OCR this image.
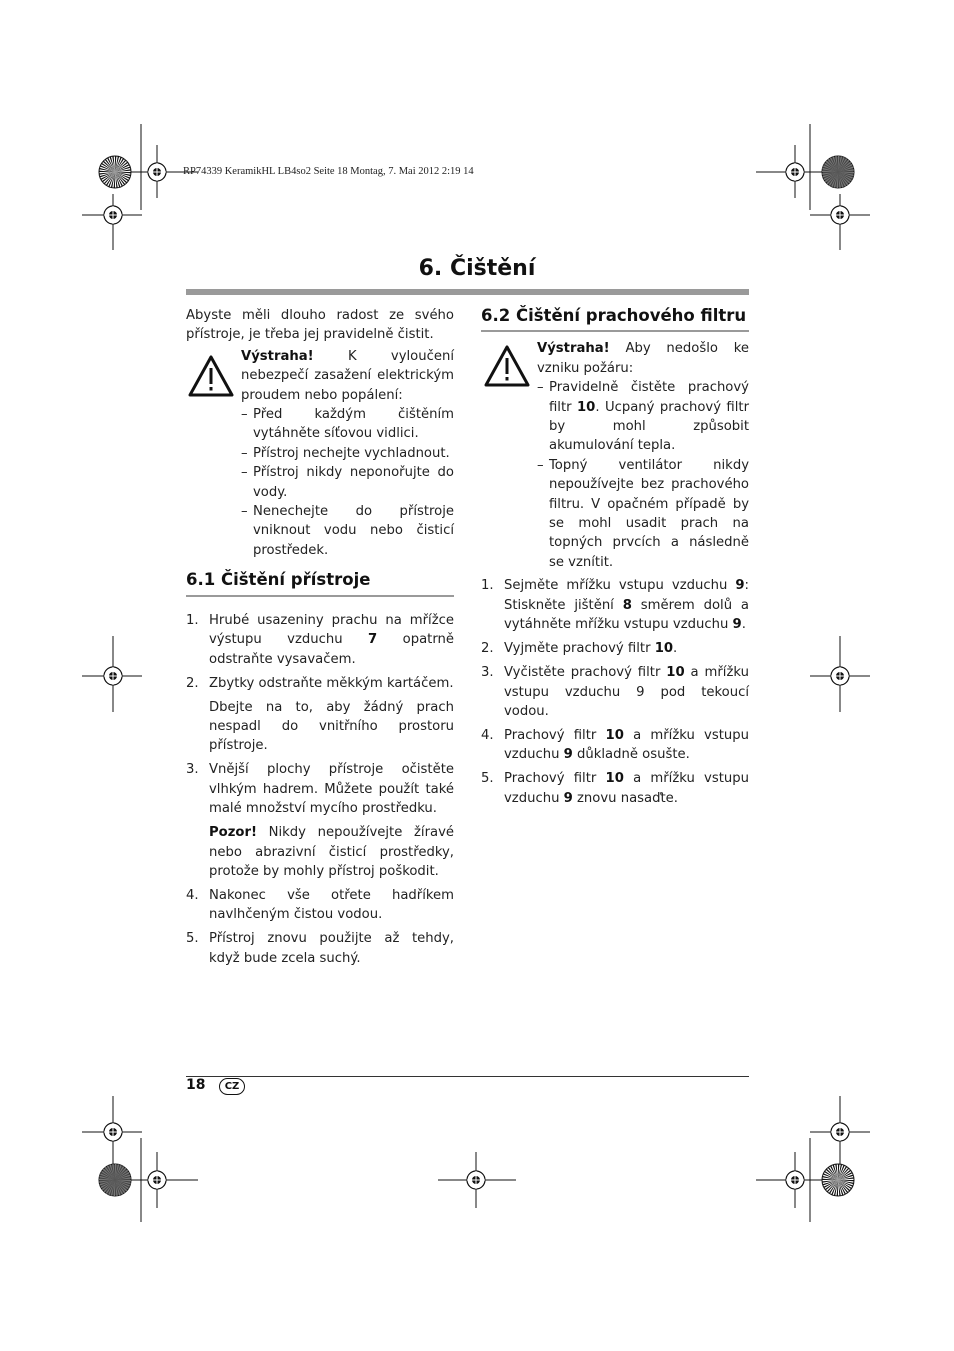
RP74339 KeramikHL LB4so2 Seite 18 Montag, 7. Mai 2012 2:19 14
6. Čištění

Abyste měli dlouho radost ze svého přístroje, je třeba jej pravidelně čistit.

Výstraha! K vyloučení nebezpečí zasažení elektrickým proudem nebo popálení:

– Před každým čištěním vytáhněte síťovou vidlici.
– Přístroj nechejte vychladnout.
– Přístroj nikdy neponořujte do vody.
– Nenechejte do přístroje vniknout vodu nebo čisticí prostředek.
6.1 Čištění přístroje
1. Hrubé usazeniny prachu na mřížce výstupu vzduchu 7 opatrně odstraňte vysavačem.
2. Zbytky odstraňte měkkým kartáčem.
Dbejte na to, aby žádný prach nespadl do vnitřního prostoru přístroje.
3. Vnější plochy přístroje očistěte vlhkým hadrem. Můžete použít také malé množství mycího prostředku.
Pozor! Nikdy nepoužívejte žíravé nebo abrazivní čisticí prostředky, protože by mohly přístroj poškodit.
4. Nakonec vše otřete hadříkem navlhčeným čistou vodou.
5. Přístroj znovu použijte až tehdy, když bude zcela suchý.
6.2 Čištění prachového filtru

Výstraha! Aby nedošlo ke vzniku požáru:

– Pravidelně čistěte prachový filtr 10. Ucpaný prachový filtr by mohl způsobit akumulování tepla.
– Topný ventilátor nikdy nepoužívejte bez prachového filtru. V opačném případě by se mohl usadit prach na topných prvcích a následně se vznítit.
1. Sejměte mřížku vstupu vzduchu 9: Stiskněte jištění 8 směrem dolů a vytáhněte mřížku vstupu vzduchu 9.
2. Vyjměte prachový filtr 10.
3. Vyčistěte prachový filtr 10 a mřížku vstupu vzduchu 9 pod tekoucí vodou.
4. Prachový filtr 10 a mřížku vstupu vzduchu 9 důkladně osušte.
5. Prachový filtr 10 a mřížku vstupu vzduchu 9 znovu nasaďte.
18	CZ
